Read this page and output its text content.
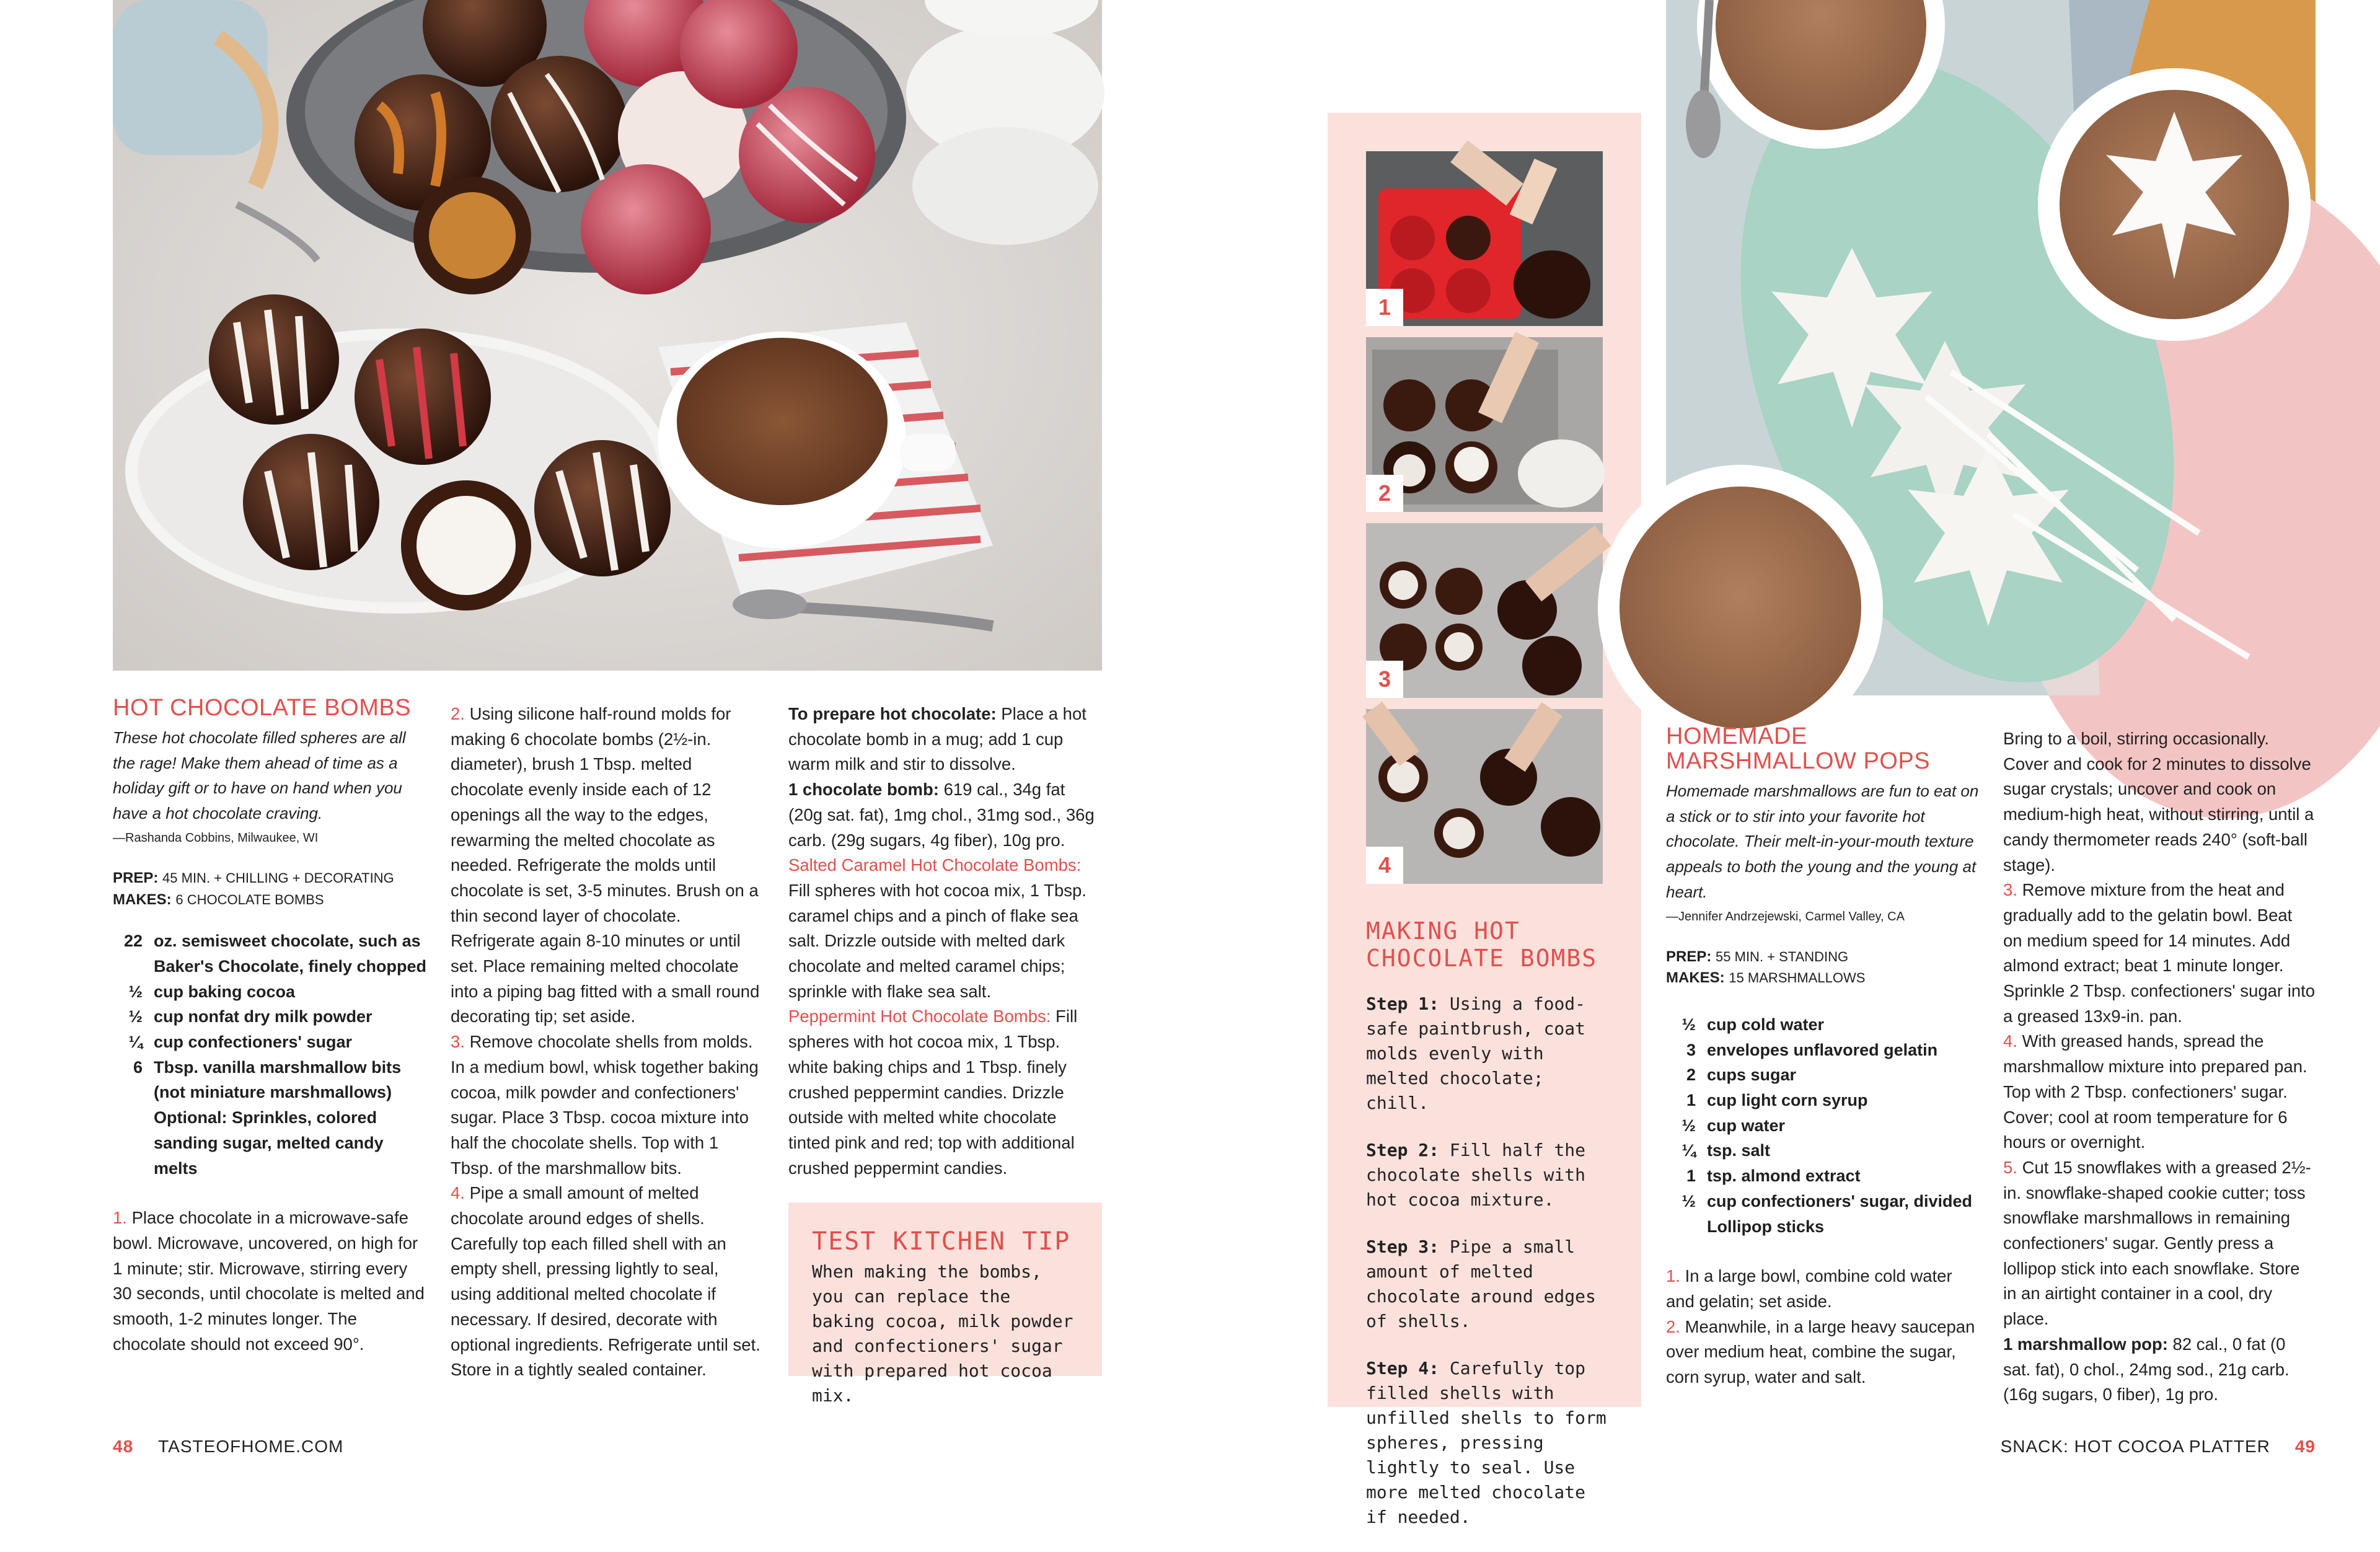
HOT CHOCOLATE BOMBS
These hot chocolate filled spheres are all the rage! Make them ahead of time as a holiday gift or to have on hand when you have a hot chocolate craving.
—Rashanda Cobbins, Milwaukee, WI
PREP: 45 MIN. + CHILLING + DECORATING
MAKES: 6 CHOCOLATE BOMBS
22 oz. semisweet chocolate, such as Baker's Chocolate, finely chopped
½ cup baking cocoa
½ cup nonfat dry milk powder
¼ cup confectioners' sugar
6 Tbsp. vanilla marshmallow bits (not miniature marshmallows)
Optional: Sprinkles, colored sanding sugar, melted candy melts
1. Place chocolate in a microwave-safe bowl. Microwave, uncovered, on high for 1 minute; stir. Microwave, stirring every 30 seconds, until chocolate is melted and smooth, 1-2 minutes longer. The chocolate should not exceed 90°.
2. Using silicone half-round molds for making 6 chocolate bombs (2½-in. diameter), brush 1 Tbsp. melted chocolate evenly inside each of 12 openings all the way to the edges, rewarming the melted chocolate as needed. Refrigerate the molds until chocolate is set, 3-5 minutes. Brush on a thin second layer of chocolate. Refrigerate again 8-10 minutes or until set. Place remaining melted chocolate into a piping bag fitted with a small round decorating tip; set aside.
3. Remove chocolate shells from molds. In a medium bowl, whisk together baking cocoa, milk powder and confectioners' sugar. Place 3 Tbsp. cocoa mixture into half the chocolate shells. Top with 1 Tbsp. of the marshmallow bits.
4. Pipe a small amount of melted chocolate around edges of shells. Carefully top each filled shell with an empty shell, pressing lightly to seal, using additional melted chocolate if necessary. If desired, decorate with optional ingredients. Refrigerate until set. Store in a tightly sealed container.
To prepare hot chocolate: Place a hot chocolate bomb in a mug; add 1 cup warm milk and stir to dissolve.
1 chocolate bomb: 619 cal., 34g fat (20g sat. fat), 1mg chol., 31mg sod., 36g carb. (29g sugars, 4g fiber), 10g pro.
Salted Caramel Hot Chocolate Bombs: Fill spheres with hot cocoa mix, 1 Tbsp. caramel chips and a pinch of flake sea salt. Drizzle outside with melted dark chocolate and melted caramel chips; sprinkle with flake sea salt.
Peppermint Hot Chocolate Bombs: Fill spheres with hot cocoa mix, 1 Tbsp. white baking chips and 1 Tbsp. finely crushed peppermint candies. Drizzle outside with melted white chocolate tinted pink and red; top with additional crushed peppermint candies.
TEST KITCHEN TIP
When making the bombs, you can replace the baking cocoa, milk powder and confectioners' sugar with prepared hot cocoa mix.
1
2
3
4
MAKING HOT CHOCOLATE BOMBS

Step 1: Using a food-safe paintbrush, coat molds evenly with melted chocolate; chill.

Step 2: Fill half the chocolate shells with hot cocoa mixture.

Step 3: Pipe a small amount of melted chocolate around edges of shells.

Step 4: Carefully top filled shells with unfilled shells to form spheres, pressing lightly to seal. Use more melted chocolate if needed.

HOMEMADE MARSHMALLOW POPS
Homemade marshmallows are fun to eat on a stick or to stir into your favorite hot chocolate. Their melt-in-your-mouth texture appeals to both the young and the young at heart.
—Jennifer Andrzejewski, Carmel Valley, CA
PREP: 55 MIN. + STANDING
MAKES: 15 MARSHMALLOWS
½ cup cold water
3 envelopes unflavored gelatin
2 cups sugar
1 cup light corn syrup
½ cup water
¼ tsp. salt
1 tsp. almond extract
½ cup confectioners' sugar, divided
Lollipop sticks
1. In a large bowl, combine cold water and gelatin; set aside.
2. Meanwhile, in a large heavy saucepan over medium heat, combine the sugar, corn syrup, water and salt.
Bring to a boil, stirring occasionally. Cover and cook for 2 minutes to dissolve sugar crystals; uncover and cook on medium-high heat, without stirring, until a candy thermometer reads 240° (soft-ball stage).
3. Remove mixture from the heat and gradually add to the gelatin bowl. Beat on medium speed for 14 minutes. Add almond extract; beat 1 minute longer. Sprinkle 2 Tbsp. confectioners' sugar into a greased 13x9-in. pan.
4. With greased hands, spread the marshmallow mixture into prepared pan. Top with 2 Tbsp. confectioners' sugar. Cover; cool at room temperature for 6 hours or overnight.
5. Cut 15 snowflakes with a greased 2½-in. snowflake-shaped cookie cutter; toss snowflake marshmallows in remaining confectioners' sugar. Gently press a lollipop stick into each snowflake. Store in an airtight container in a cool, dry place.
1 marshmallow pop: 82 cal., 0 fat (0 sat. fat), 0 chol., 24mg sod., 21g carb. (16g sugars, 0 fiber), 1g pro.
48 TASTEOFHOME.COM	SNACK: HOT COCOA PLATTER 49
